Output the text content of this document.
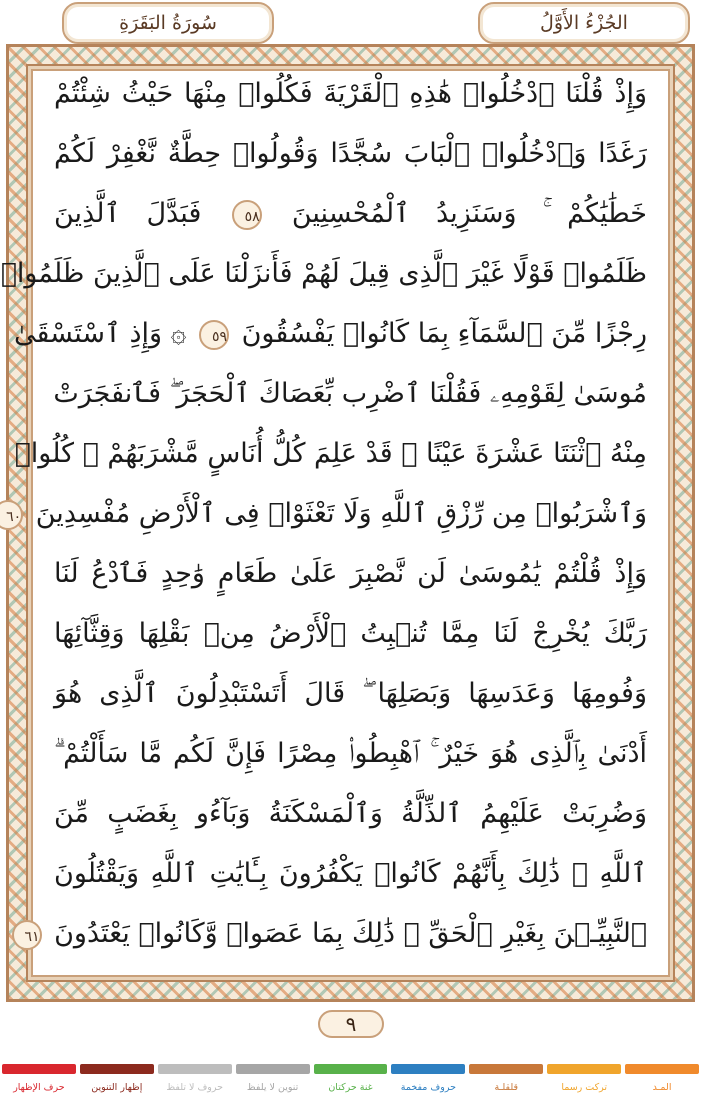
الجُزْءُ الأَوَّلُ
سُورَةُ البَقَرَةِ
وَإِذْ قُلْنَا ٱدْخُلُوا۟ هَٰذِهِ ٱلْقَرْيَةَ فَكُلُوا۟ مِنْهَا حَيْثُ شِئْتُمْ
رَغَدًا وَٱدْخُلُوا۟ ٱلْبَابَ سُجَّدًا وَقُولُوا۟ حِطَّةٌ نَّغْفِرْ لَكُمْ
خَطَٰيَٰكُمْ ۚ وَسَنَزِيدُ ٱلْمُحْسِنِينَ ٥٨ فَبَدَّلَ ٱلَّذِينَ
ظَلَمُوا۟ قَوْلًا غَيْرَ ٱلَّذِى قِيلَ لَهُمْ فَأَنزَلْنَا عَلَى ٱلَّذِينَ ظَلَمُوا۟
رِجْزًا مِّنَ ٱلسَّمَآءِ بِمَا كَانُوا۟ يَفْسُقُونَ ٥٩ ۞ وَإِذِ ٱسْتَسْقَىٰ
مُوسَىٰ لِقَوْمِهِۦ فَقُلْنَا ٱضْرِب بِّعَصَاكَ ٱلْحَجَرَ ۖ فَٱنفَجَرَتْ
مِنْهُ ٱثْنَتَا عَشْرَةَ عَيْنًا ۖ قَدْ عَلِمَ كُلُّ أُنَاسٍ مَّشْرَبَهُمْ ۖ كُلُوا۟
وَٱشْرَبُوا۟ مِن رِّزْقِ ٱللَّهِ وَلَا تَعْثَوْا۟ فِى ٱلْأَرْضِ مُفْسِدِينَ ٦٠
وَإِذْ قُلْتُمْ يَٰمُوسَىٰ لَن نَّصْبِرَ عَلَىٰ طَعَامٍ وَٰحِدٍ فَٱدْعُ لَنَا
رَبَّكَ يُخْرِجْ لَنَا مِمَّا تُنۢبِتُ ٱلْأَرْضُ مِنۢ بَقْلِهَا وَقِثَّآئِهَا
وَفُومِهَا وَعَدَسِهَا وَبَصَلِهَا ۖ قَالَ أَتَسْتَبْدِلُونَ ٱلَّذِى هُوَ
أَدْنَىٰ بِٱلَّذِى هُوَ خَيْرٌ ۚ ٱهْبِطُوا۟ مِصْرًا فَإِنَّ لَكُم مَّا سَأَلْتُمْ ۗ
وَضُرِبَتْ عَلَيْهِمُ ٱلذِّلَّةُ وَٱلْمَسْكَنَةُ وَبَآءُو بِغَضَبٍ مِّنَ
ٱللَّهِ ۗ ذَٰلِكَ بِأَنَّهُمْ كَانُوا۟ يَكْفُرُونَ بِـَٔايَٰتِ ٱللَّهِ وَيَقْتُلُونَ
ٱلنَّبِيِّـۧنَ بِغَيْرِ ٱلْحَقِّ ۗ ذَٰلِكَ بِمَا عَصَوا۟ وَّكَانُوا۟ يَعْتَدُونَ ٦١
٩
المـد
تركت رسما
قلقلـة
حروف مفخمة
غنة حركتان
تنوين لا يلفظ
حروف لا تلفظ
إظهار التنوين
حرف الإظهار
